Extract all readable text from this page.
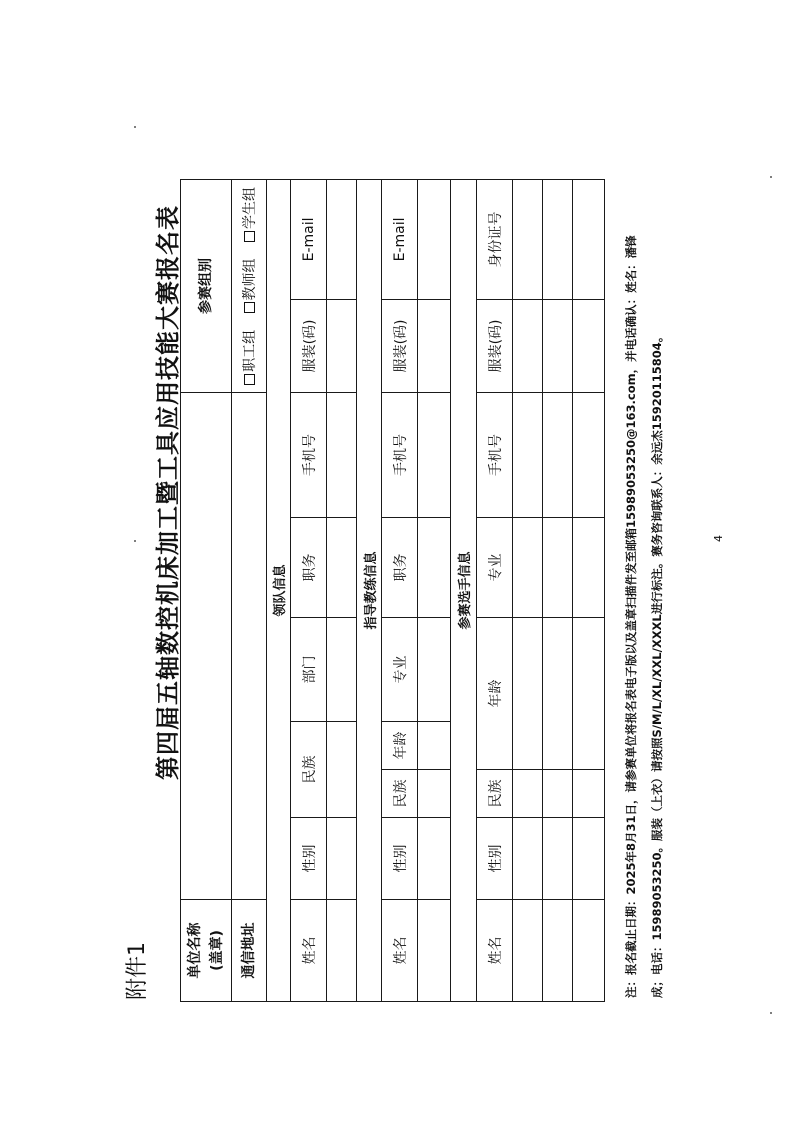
附件1
第四届五轴数控机床加工暨工具应用技能大赛报名表
单位名称 (盖章)							参赛组别	
通信地址							职工组 教师组 学生组	
领队信息								
姓名	性别	民族		部门	职务	手机号	服装(码)	E-mail

指导教练信息								
姓名	性别	民族	年龄	专业	职务	手机号	服装(码)	E-mail

参赛选手信息								
姓名	性别	民族	年龄		专业	手机号	服装(码)	身份证号

								注：报名截止日期：2025年8月31日，请参赛单位将报名表电子版以及盖章扫描件发至邮箱15989053250@163.com，并电话确认：姓名：潘锋	成；电话：15989053250。服装（上衣）请按照S/M/L/XL/XXL/XXXL进行标注。赛务咨询联系人：余远杰15920115804。	4
